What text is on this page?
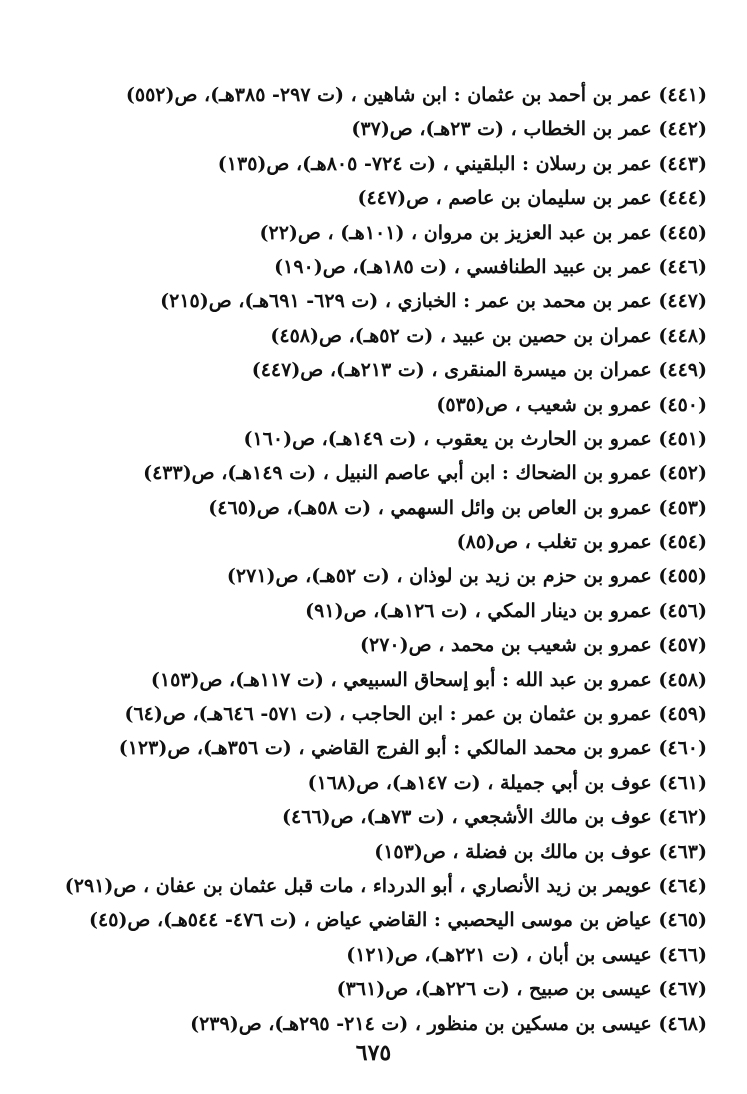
(٤٤١) عمر بن أحمد بن عثمان : ابن شاهين ، (ت ٢٩٧- ٣٨٥هـ)، ص(٥٥٢)
(٤٤٢) عمر بن الخطاب ، (ت ٢٣هـ)، ص(٣٧)
(٤٤٣) عمر بن رسلان : البلقيني ، (ت ٧٢٤- ٨٠٥هـ)، ص(١٣٥)
(٤٤٤) عمر بن سليمان بن عاصم ، ص(٤٤٧)
(٤٤٥) عمر بن عبد العزيز بن مروان ، (١٠١هـ) ، ص(٢٢)
(٤٤٦) عمر بن عبيد الطنافسي ، (ت ١٨٥هـ)، ص(١٩٠)
(٤٤٧) عمر بن محمد بن عمر : الخبازي ، (ت ٦٢٩- ٦٩١هـ)، ص(٢١٥)
(٤٤٨) عمران بن حصين بن عبيد ، (ت ٥٢هـ)، ص(٤٥٨)
(٤٤٩) عمران بن ميسرة المنقرى ، (ت ٢١٣هـ)، ص(٤٤٧)
(٤٥٠) عمرو بن شعيب ، ص(٥٣٥)
(٤٥١) عمرو بن الحارث بن يعقوب ، (ت ١٤٩هـ)، ص(١٦٠)
(٤٥٢) عمرو بن الضحاك : ابن أبي عاصم النبيل ، (ت ١٤٩هـ)، ص(٤٣٣)
(٤٥٣) عمرو بن العاص بن وائل السهمي ، (ت ٥٨هـ)، ص(٤٦٥)
(٤٥٤) عمرو بن تغلب ، ص(٨٥)
(٤٥٥) عمرو بن حزم بن زيد بن لوذان ، (ت ٥٢هـ)، ص(٢٧١)
(٤٥٦) عمرو بن دينار المكي ، (ت ١٢٦هـ)، ص(٩١)
(٤٥٧) عمرو بن شعيب بن محمد ، ص(٢٧٠)
(٤٥٨) عمرو بن عبد الله : أبو إسحاق السبيعي ، (ت ١١٧هـ)، ص(١٥٣)
(٤٥٩) عمرو بن عثمان بن عمر : ابن الحاجب ، (ت ٥٧١- ٦٤٦هـ)، ص(٦٤)
(٤٦٠) عمرو بن محمد المالكي : أبو الفرج القاضي ، (ت ٣٥٦هـ)، ص(١٢٣)
(٤٦١) عوف بن أبي جميلة ، (ت ١٤٧هـ)، ص(١٦٨)
(٤٦٢) عوف بن مالك الأشجعي ، (ت ٧٣هـ)، ص(٤٦٦)
(٤٦٣) عوف بن مالك بن فضلة ، ص(١٥٣)
(٤٦٤) عويمر بن زيد الأنصاري ، أبو الدرداء ، مات قبل عثمان بن عفان ، ص(٢٩١)
(٤٦٥) عياض بن موسى اليحصبي : القاضي عياض ، (ت ٤٧٦- ٥٤٤هـ)، ص(٤٥)
(٤٦٦) عيسى بن أبان ، (ت ٢٢١هـ)، ص(١٢١)
(٤٦٧) عيسى بن صبيح ، (ت ٢٢٦هـ)، ص(٣٦١)
(٤٦٨) عيسى بن مسكين بن منظور ، (ت ٢١٤- ٢٩٥هـ)، ص(٢٣٩)
٦٧٥
